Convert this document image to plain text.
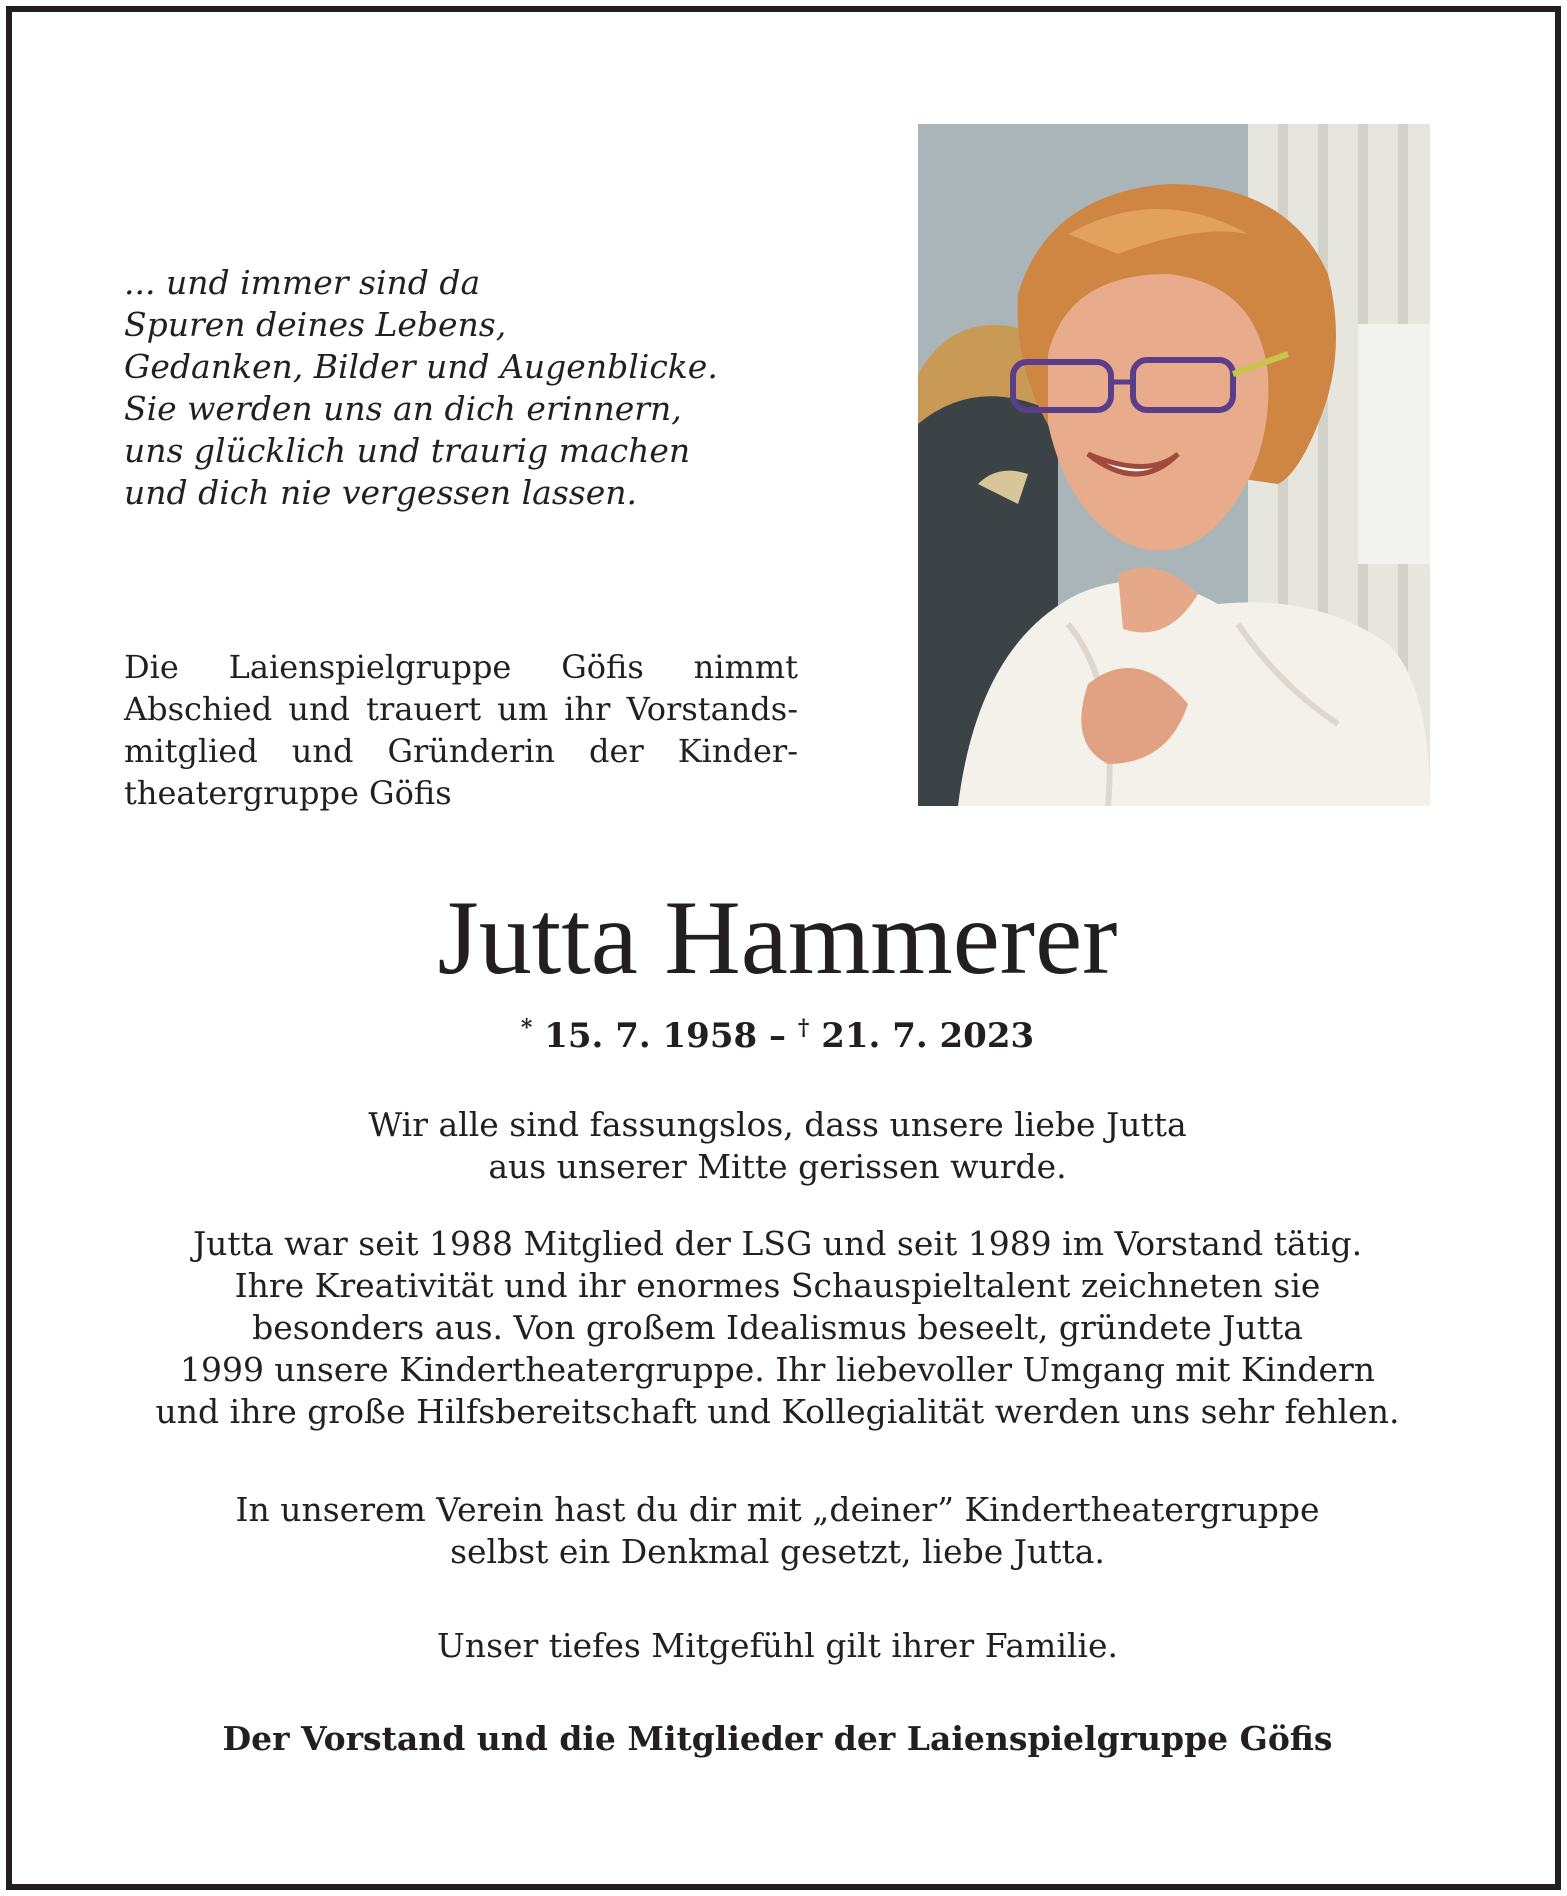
... und immer sind da
Spuren deines Lebens,
Gedanken, Bilder und Augenblicke.
Sie werden uns an dich erinnern,
uns glücklich und traurig machen
und dich nie vergessen lassen.
Die Laienspielgruppe Göfis nimmt Abschied und trauert um ihr Vorstandsmitglied und Gründerin der Kindertheatergruppe Göfis
Jutta Hammerer
* 15. 7. 1958 – † 21. 7. 2023
Wir alle sind fassungslos, dass unsere liebe Jutta
aus unserer Mitte gerissen wurde.
Jutta war seit 1988 Mitglied der LSG und seit 1989 im Vorstand tätig.
Ihre Kreativität und ihr enormes Schauspieltalent zeichneten sie
besonders aus. Von großem Idealismus beseelt, gründete Jutta
1999 unsere Kindertheatergruppe. Ihr liebevoller Umgang mit Kindern
und ihre große Hilfsbereitschaft und Kollegialität werden uns sehr fehlen.
In unserem Verein hast du dir mit „deiner” Kindertheatergruppe
selbst ein Denkmal gesetzt, liebe Jutta.
Unser tiefes Mitgefühl gilt ihrer Familie.
Der Vorstand und die Mitglieder der Laienspielgruppe Göfis
